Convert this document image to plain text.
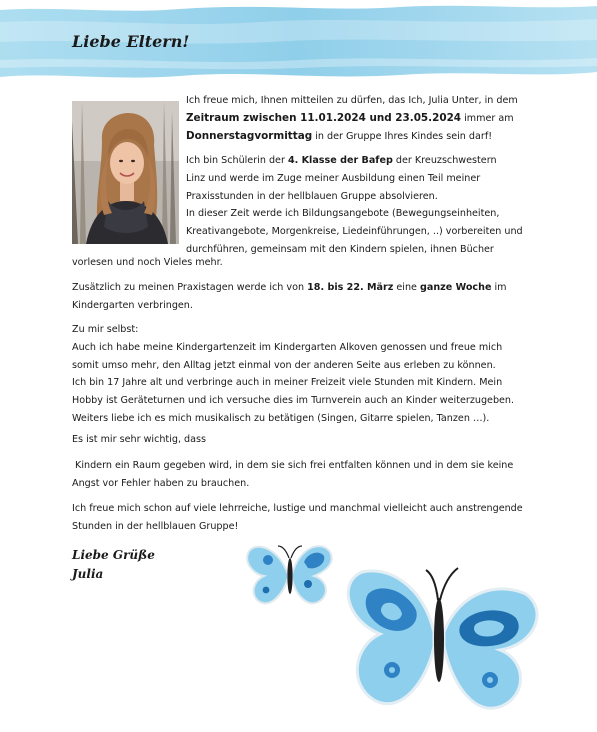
Liebe Eltern!
Ich freue mich, Ihnen mitteilen zu dürfen, das Ich, Julia Unter, in dem
Zeitraum zwischen 11.01.2024 und 23.05.2024 immer am
Donnerstagvormittag in der Gruppe Ihres Kindes sein darf!
Ich bin Schülerin der 4. Klasse der Bafep der Kreuzschwestern
Linz und werde im Zuge meiner Ausbildung einen Teil meiner
Praxisstunden in der hellblauen Gruppe absolvieren.
In dieser Zeit werde ich Bildungsangebote (Bewegungseinheiten,
Kreativangebote, Morgenkreise, Liedeinführungen, ..) vorbereiten und
durchführen, gemeinsam mit den Kindern spielen, ihnen Bücher
vorlesen und noch Vieles mehr.
Zusätzlich zu meinen Praxistagen werde ich von 18. bis 22. März eine ganze Woche im
Kindergarten verbringen.
Zu mir selbst:
Auch ich habe meine Kindergartenzeit im Kindergarten Alkoven genossen und freue mich
somit umso mehr, den Alltag jetzt einmal von der anderen Seite aus erleben zu können.
Ich bin 17 Jahre alt und verbringe auch in meiner Freizeit viele Stunden mit Kindern. Mein
Hobby ist Geräteturnen und ich versuche dies im Turnverein auch an Kinder weiterzugeben.
Weiters liebe ich es mich musikalisch zu betätigen (Singen, Gitarre spielen, Tanzen …).
Es ist mir sehr wichtig, dass
Kindern ein Raum gegeben wird, in dem sie sich frei entfalten können und in dem sie keine
Angst vor Fehler haben zu brauchen.
Ich freue mich schon auf viele lehrreiche, lustige und manchmal vielleicht auch anstrengende
Stunden in der hellblauen Gruppe!
Liebe Grüße
Julia
